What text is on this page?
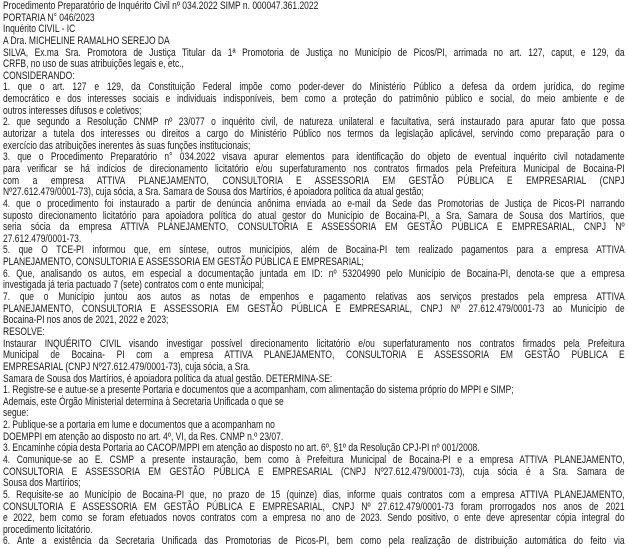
Procedimento Preparatório de Inquérito Civil nº 034.2022 SIMP n. 000047.361.2022
PORTARIA N° 046/2023
Inquérito CIVIL - IC
A Dra. MICHELINE RAMALHO SEREJO DA
SILVA, Ex.ma Sra. Promotora de Justiça Titular da 1ª Promotoria de Justiça no Município de Picos/PI, arrimada no art. 127, caput, e 129, da
CRFB, no uso de suas atribuições legais e, etc.,
CONSIDERANDO:
1. que o art. 127 e 129, da Constituição Federal impõe como poder-dever do Ministério Público a defesa da ordem jurídica, do regime
democrático e dos interesses sociais e individuais indisponíveis, bem como a proteção do patrimônio público e social, do meio ambiente e de
outros interesses difusos e coletivos;
2. que segundo a Resolução CNMP nº 23/077 o inquérito civil, de natureza unilateral e facultativa, será instaurado para apurar fato que possa
autorizar a tutela dos interesses ou direitos a cargo do Ministério Público nos termos da legislação aplicável, servindo como preparação para o
exercício das atribuições inerentes às suas funções institucionais;
3. que o Procedimento Preparatório n° 034.2022 visava apurar elementos para identificação do objeto de eventual inquérito civil notadamente
para verificar se há indícios de direcionamento licitatório e/ou superfaturamento nos contratos firmados pela Prefeitura Municipal de Bocaina-PI
com a empresa ATTIVA PLANEJAMENTO, CONSULTORIA E ASSESSORIA EM GESTÃO PÚBLICA E EMPRESARIAL (CNPJ
Nº27.612.479/0001-73), cuja sócia, a Sra. Samara de Sousa dos Martírios, é apoiadora política da atual gestão;
4. que o procedimento foi instaurado a partir de denúncia anônima enviada ao e-mail da Sede das Promotorias de Justiça de Picos-PI narrando
suposto direcionamento licitatório para apoiadora política do atual gestor do Município de Bocaina-PI, a Sra. Samara de Sousa dos Martírios, que
seria sócia da empresa ATTIVA PLANEJAMENTO, CONSULTORIA E ASSESSORIA EM GESTÃO PÚBLICA E EMPRESARIAL, CNPJ Nº
27.612.479/0001-73.
5. que O TCE-PI informou que, em síntese, outros municípios, além de Bocaina-PI tem realizado pagamentos para a empresa ATTIVA
PLANEJAMENTO, CONSULTORIA E ASSESSORIA EM GESTÃO PÚBLICA E EMPRESARIAL;
6. Que, analisando os autos, em especial a documentação juntada em ID: nº 53204990 pelo Município de Bocaina-PI, denota-se que a empresa
investigada já teria pactuado 7 (sete) contratos com o ente municipal;
7. que o Município juntou aos autos as notas de empenhos e pagamento relativas aos serviços prestados pela empresa ATTIVA
PLANEJAMENTO, CONSULTORIA E ASSESSORIA EM GESTÃO PÚBLICA E EMPRESARIAL, CNPJ Nº 27.612.479/0001-73 ao Município de
Bocaina-PI nos anos de 2021, 2022 e 2023;
RESOLVE:
Instaurar INQUÉRITO CIVIL visando investigar possível direcionamento licitatório e/ou superfaturamento nos contratos firmados pela Prefeitura
Municipal de Bocaina- PI com a empresa ATTIVA PLANEJAMENTO, CONSULTORIA E ASSESSORIA EM GESTÃO PÚBLICA E
EMPRESARIAL (CNPJ Nº27.612.479/0001-73), cuja sócia, a Sra.
Samara de Sousa dos Martírios, é apoiadora política da atual gestão. DETERMINA-SE:
1. Registre-se e autue-se a presente Portaria e documentos que a acompanham, com alimentação do sistema próprio do MPPI e SIMP;
Ademais, este Órgão Ministerial determina à Secretaria Unificada o que se
segue:
2. Publique-se a portaria em lume e documentos que a acompanham no
DOEMPPI em atenção ao disposto no art. 4º, VI, da Res. CNMP n.º 23/07.
3. Encaminhe cópia desta Portaria ao CACOP/MPPI em atenção ao disposto no art. 6º, §1º da Resolução CPJ-PI nº 001/2008.
4. Comunique-se ao E. CSMP a presente instauração, bem como à Prefeitura Municipal de Bocaina-PI e a empresa ATTIVA PLANEJAMENTO,
CONSULTORIA E ASSESSORIA EM GESTÃO PÚBLICA E EMPRESARIAL (CNPJ Nº27.612.479/0001-73), cuja sócia é a Sra. Samara de
Sousa dos Martírios;
5. Requisite-se ao Município de Bocaina-PI que, no prazo de 15 (quinze) dias, informe quais contratos com a empresa ATTIVA PLANEJAMENTO,
CONSULTORIA E ASSESSORIA EM GESTÃO PÚBLICA E EMPRESARIAL, CNPJ Nº 27.612.479/0001-73 foram prorrogados nos anos de 2021
e 2022, bem como se foram efetuados novos contratos com a empresa no ano de 2023. Sendo positivo, o ente deve apresentar cópia integral do
procedimento licitatório.
6. Ante a existência da Secretaria Unificada das Promotorias de Picos-PI, bem como pela realização de distribuição automática do feito via
